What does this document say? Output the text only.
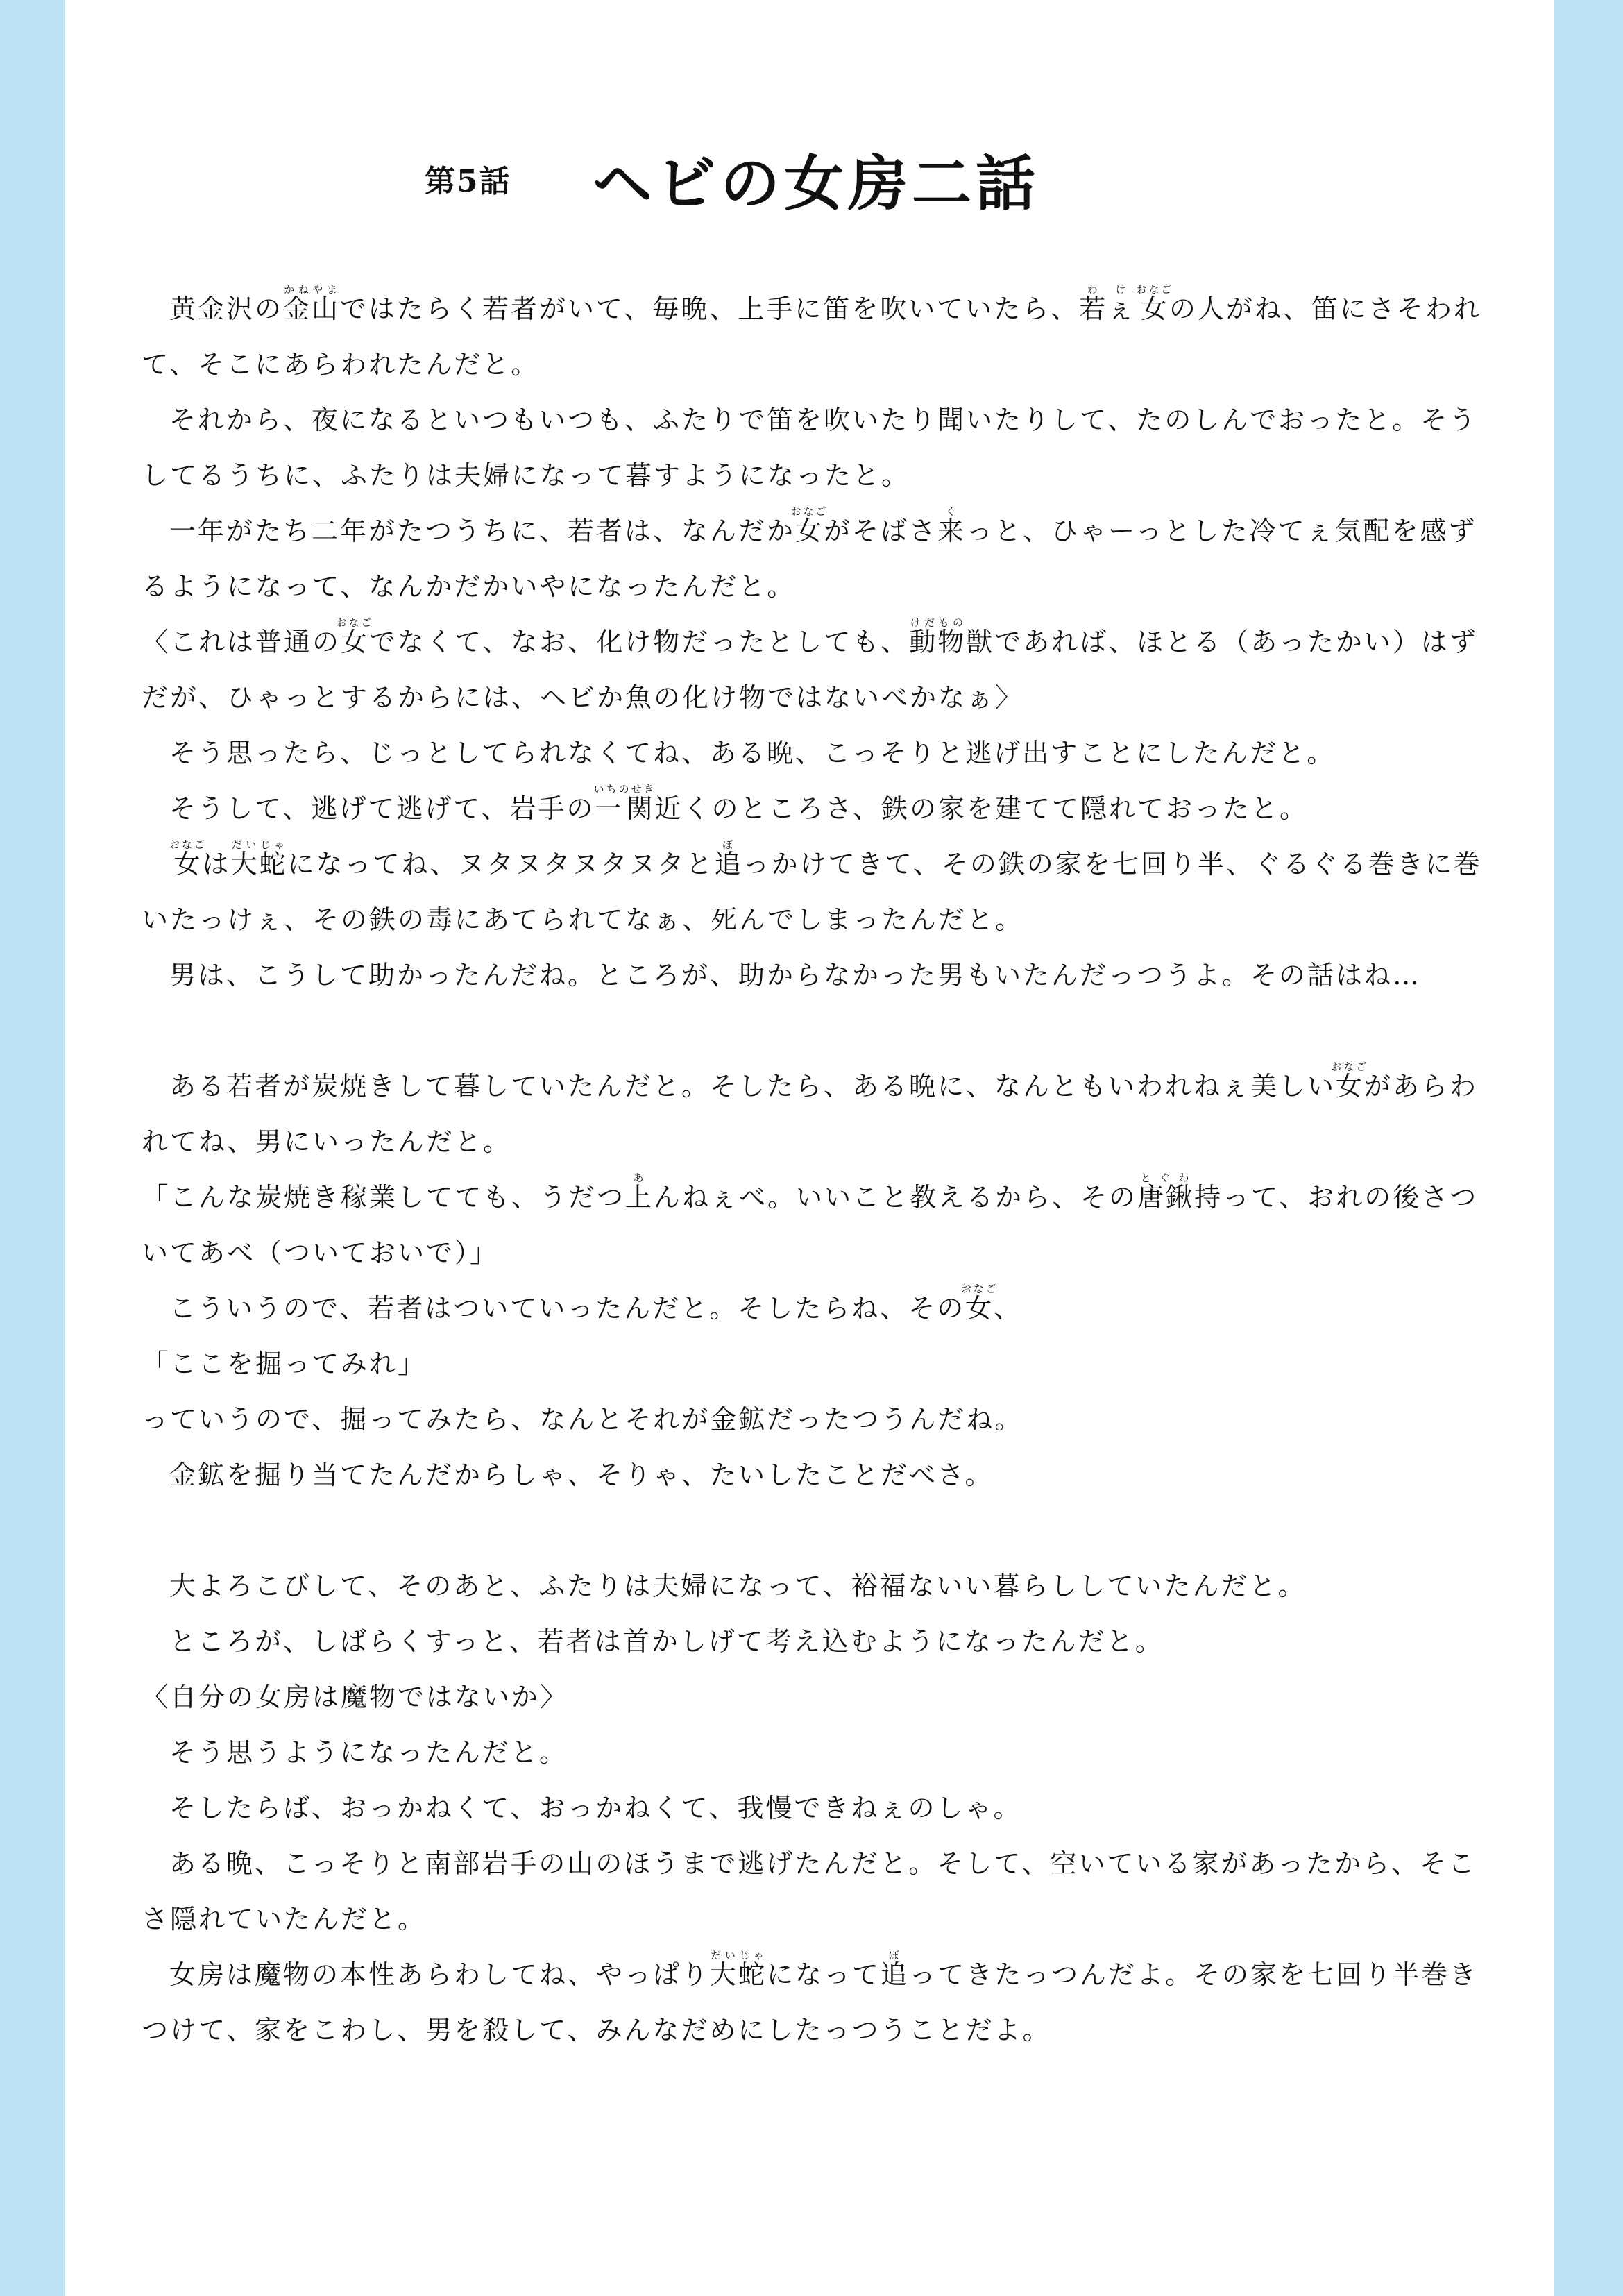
第5話 ヘビの女房二話

黄金沢の金山かねやまではたらく若者がいて、毎晩、上手に笛を吹いていたら、若ぇわけ女おなごの人がね、笛にさそわれて、そこにあらわれたんだと。

それから、夜になるといつもいつも、ふたりで笛を吹いたり聞いたりして、たのしんでおったと。そうしてるうちに、ふたりは夫婦になって暮すようになったと。

一年がたち二年がたつうちに、若者は、なんだか女おなごがそばさ来くっと、ひゃーっとした冷てぇ気配を感ずるようになって、なんかだかいやになったんだと。

〈これは普通の女おなごでなくて、なお、化け物だったとしても、動物けだもの獣であれば、ほとる（あったかい）はずだが、ひゃっとするからには、ヘビか魚の化け物ではないべかなぁ〉

そう思ったら、じっとしてられなくてね、ある晩、こっそりと逃げ出すことにしたんだと。

そうして、逃げて逃げて、岩手の一関いちのせき近くのところさ、鉄の家を建てて隠れておったと。

女おなごは大蛇だいじゃになってね、ヌタヌタヌタヌタと追ぼっかけてきて、その鉄の家を七回り半、ぐるぐる巻きに巻いたっけぇ、その鉄の毒にあてられてなぁ、死んでしまったんだと。

男は、こうして助かったんだね。ところが、助からなかった男もいたんだっつうよ。その話はね…

ある若者が炭焼きして暮していたんだと。そしたら、ある晩に、なんともいわれねぇ美しい女おなごがあらわれてね、男にいったんだと。

「こんな炭焼き稼業してても、うだつ上あんねぇべ。いいこと教えるから、その唐鍬とぐわ持って、おれの後さついてあべ（ついておいで）」

こういうので、若者はついていったんだと。そしたらね、その女おなご、

「ここを掘ってみれ」

っていうので、掘ってみたら、なんとそれが金鉱だったつうんだね。

金鉱を掘り当てたんだからしゃ、そりゃ、たいしたことだべさ。

大よろこびして、そのあと、ふたりは夫婦になって、裕福ないい暮らししていたんだと。

ところが、しばらくすっと、若者は首かしげて考え込むようになったんだと。

〈自分の女房は魔物ではないか〉

そう思うようになったんだと。

そしたらば、おっかねくて、おっかねくて、我慢できねぇのしゃ。

ある晩、こっそりと南部岩手の山のほうまで逃げたんだと。そして、空いている家があったから、そこさ隠れていたんだと。

女房は魔物の本性あらわしてね、やっぱり大蛇だいじゃになって追ぼってきたっつんだよ。その家を七回り半巻きつけて、家をこわし、男を殺して、みんなだめにしたっつうことだよ。
